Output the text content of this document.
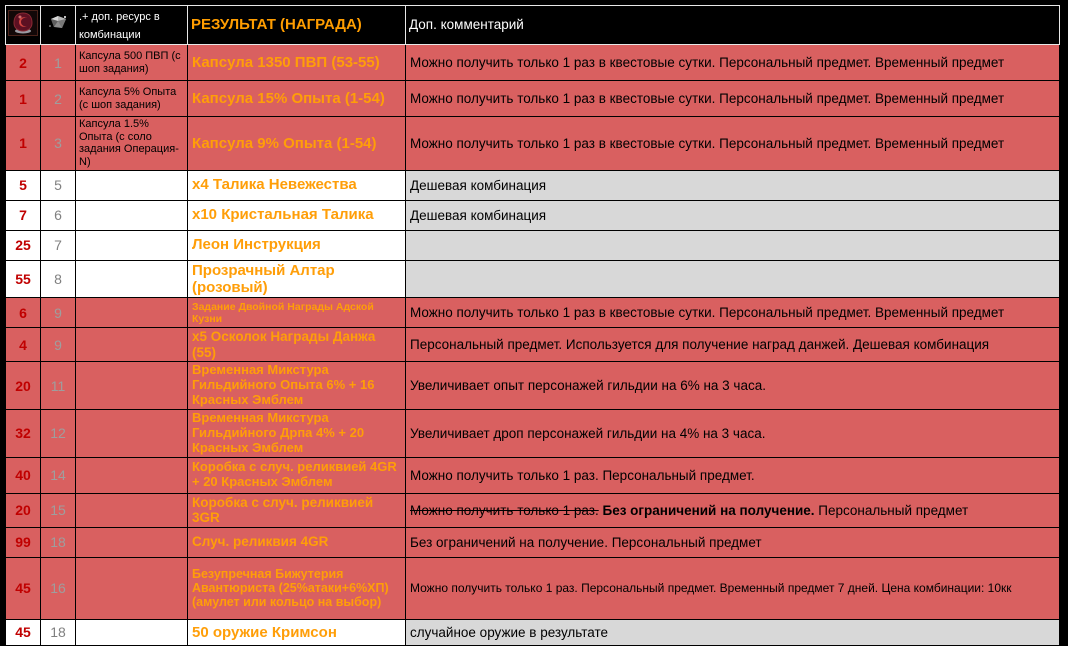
		.+ доп. ресурс в комбинации	РЕЗУЛЬТАТ (НАГРАДА)	Доп. комментарий
2	1	Капсула 500 ПВП (с шоп задания)	Капсула 1350 ПВП (53-55)	Можно получить только 1 раз в квестовые сутки. Персональный предмет. Временный предмет
1	2	Капсула 5% Опыта (с шоп задания)	Капсула 15% Опыта (1-54)	Можно получить только 1 раз в квестовые сутки. Персональный предмет. Временный предмет
1	3	Капсула 1.5% Опыта (с соло задания Операция-N)	Капсула 9% Опыта (1-54)	Можно получить только 1 раз в квестовые сутки. Персональный предмет. Временный предмет
5	5		х4 Талика Невежества	Дешевая комбинация
7	6		х10 Кристальная Талика	Дешевая комбинация
25	7		Леон Инструкция	
55	8		Прозрачный Алтар (розовый)	
6	9		Задание Двойной Награды Адской Кузни	Можно получить только 1 раз в квестовые сутки. Персональный предмет. Временный предмет
4	9		х5 Осколок Награды Данжа (55)	Персональный предмет. Используется для получение наград данжей. Дешевая комбинация
20	11		Временная Микстура Гильдийного Опыта 6% + 16 Красных Эмблем	Увеличивает опыт персонажей гильдии на 6% на 3 часа.
32	12		Временная Микстура Гильдийного Дрпа 4% + 20 Красных Эмблем	Увеличивает дроп персонажей гильдии на 4% на 3 часа.
40	14		Коробка с случ. реликвией 4GR + 20 Красных Эмблем	Можно получить только 1 раз. Персональный предмет.
20	15		Коробка с случ. реликвией 3GR	Можно получить только 1 раз. Без ограничений на получение. Персональный предмет
99	18		Случ. реликвия 4GR	Без ограничений на получение. Персональный предмет
45	16		Безупречная Бижутерия Авантюриста (25%атаки+6%ХП)(амулет или кольцо на выбор)	Можно получить только 1 раз. Персональный предмет. Временный предмет 7 дней. Цена комбинации: 10кк
45	18		50 оружие Кримсон	случайное оружие в результате
